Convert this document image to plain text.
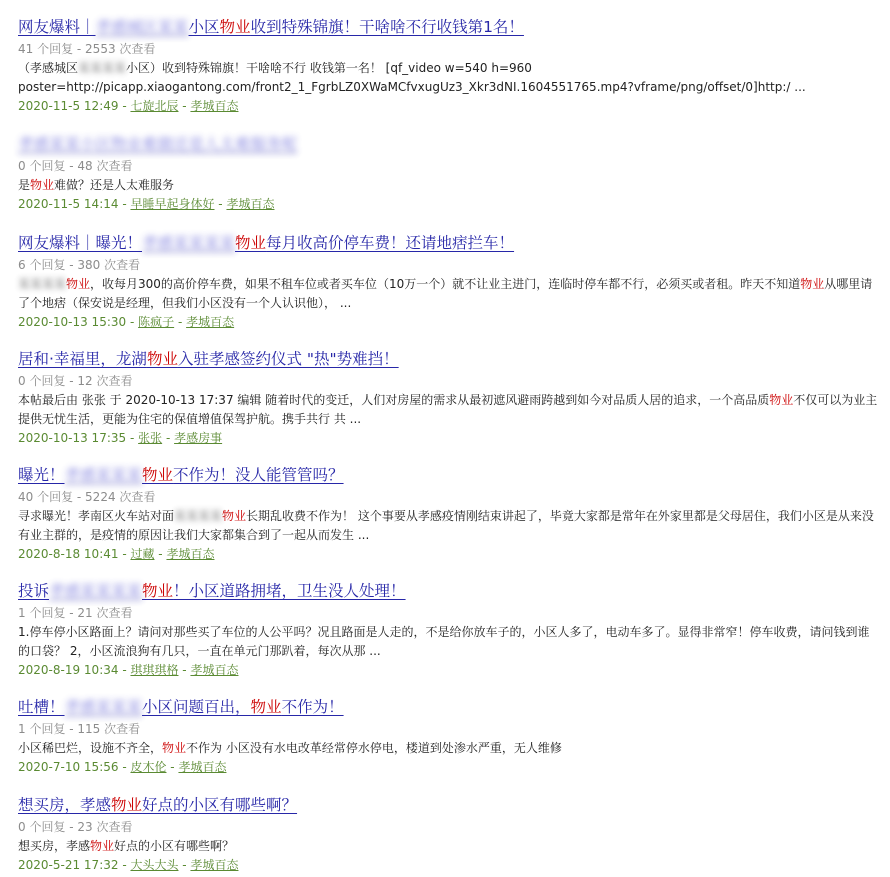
网友爆料｜孝感城区某某小区物业收到特殊锦旗！干啥啥不行收钱第1名！
41 个回复 - 2553 次查看
（孝感城区某某某某小区）收到特殊锦旗！干啥啥不行 收钱第一名！ [qf_video w=540 h=960
poster=http://picapp.xiaogantong.com/front2_1_FgrbLZ0XWaMCfvxugUz3_Xkr3dNI.1604551765.mp4?vframe/png/offset/0]http:/ ...
2020-11-5 12:49 - 七旋北辰 - 孝城百态
孝感某某小区物业难做还是人太难服务呢
0 个回复 - 48 次查看
是物业难做？还是人太难服务
2020-11-5 14:14 - 早睡早起身体好 - 孝城百态
网友爆料｜曝光！孝感某某某某物业每月收高价停车费！还请地痞拦车！
6 个回复 - 380 次查看
某某某某物业，收每月300的高价停车费，如果不租车位或者买车位（10万一个）就不让业主进门，连临时停车都不行，必须买或者租。昨天不知道物业从哪里请了个地痞（保安说是经理，但我们小区没有一个人认识他）， ...
2020-10-13 15:30 - 陈疯子 - 孝城百态
居和·幸福里，龙湖物业入驻孝感签约仪式 "热"势难挡！
0 个回复 - 12 次查看
本帖最后由 张张 于 2020-10-13 17:37 编辑 随着时代的变迁，人们对房屋的需求从最初遮风避雨跨越到如今对品质人居的追求，一个高品质物业不仅可以为业主提供无忧生活，更能为住宅的保值增值保驾护航。携手共行 共 ...
2020-10-13 17:35 - 张张 - 孝感房事
曝光！孝感某某某物业不作为！没人能管管吗？
40 个回复 - 5224 次查看
寻求曝光！孝南区火车站对面某某某某物业长期乱收费不作为！ 这个事要从孝感疫情刚结束讲起了，毕竟大家都是常年在外家里都是父母居住，我们小区是从来没有业主群的，是疫情的原因让我们大家都集合到了一起从而发生 ...
2020-8-18 10:41 - 过藏 - 孝城百态
投诉孝感某某某某物业！小区道路拥堵，卫生没人处理！
1 个回复 - 21 次查看
1.停车停小区路面上？请问对那些买了车位的人公平吗？况且路面是人走的，不是给你放车子的，小区人多了，电动车多了。显得非常窄！停车收费，请问钱到谁的口袋？ 2，小区流浪狗有几只，一直在单元门那趴着，每次从那 ...
2020-8-19 10:34 - 琪琪琪格 - 孝城百态
吐槽！孝感某某某小区问题百出，物业不作为！
1 个回复 - 115 次查看
小区稀巴烂，设施不齐全，物业不作为 小区没有水电改革经常停水停电，楼道到处渗水严重，无人维修
2020-7-10 15:56 - 皮木伦 - 孝城百态
想买房，孝感物业好点的小区有哪些啊？
0 个回复 - 23 次查看
想买房，孝感物业好点的小区有哪些啊？
2020-5-21 17:32 - 大头大头 - 孝城百态
